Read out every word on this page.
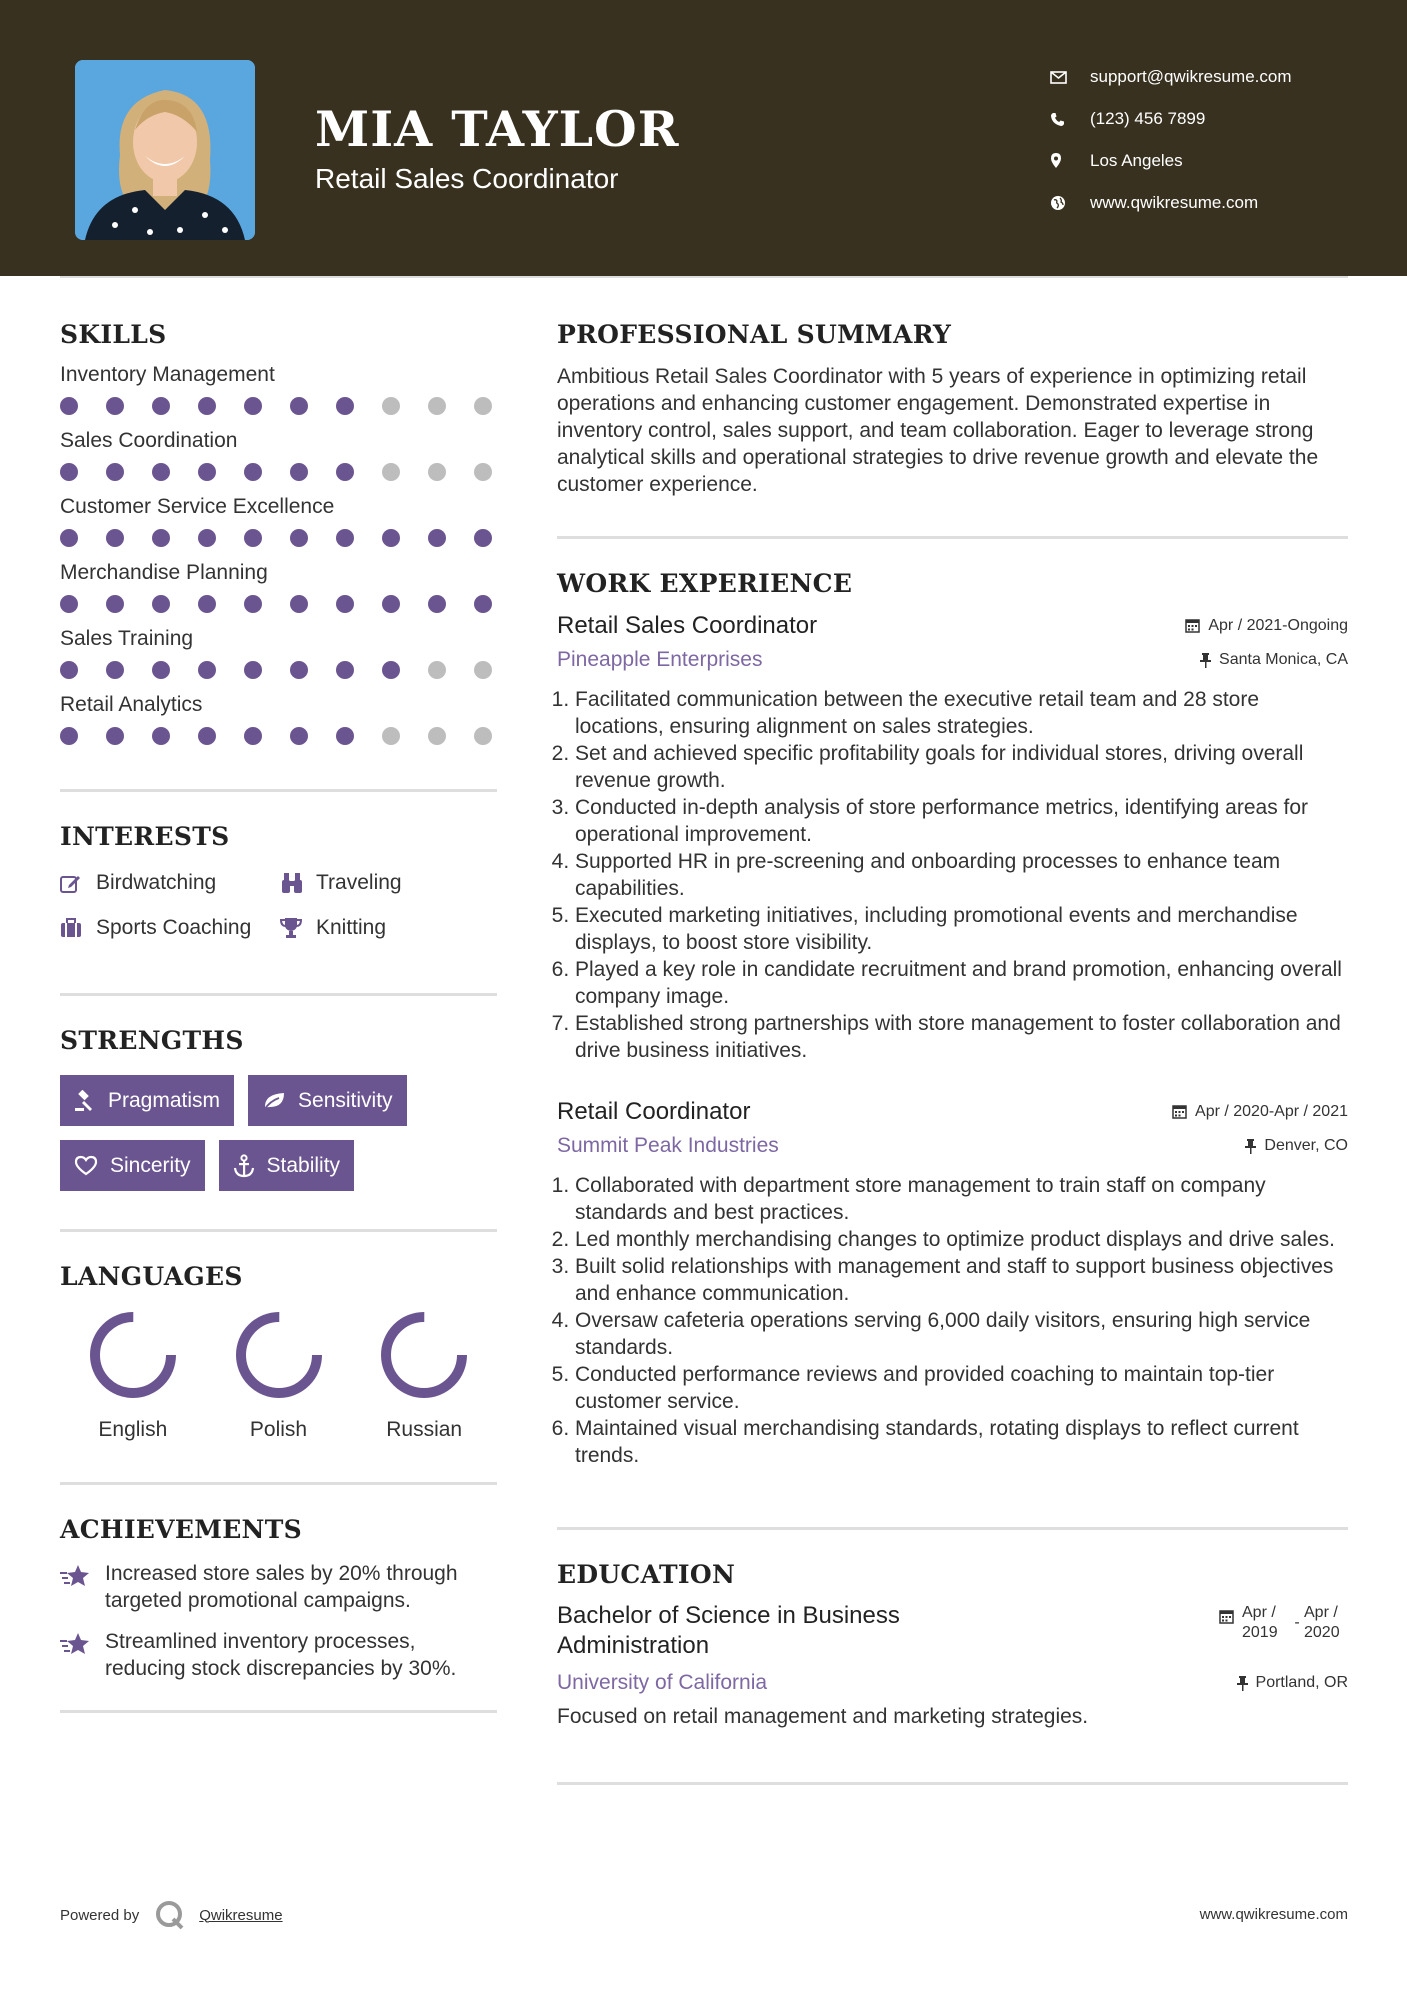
MIA TAYLOR
Retail Sales Coordinator
support@qwikresume.com
(123) 456 7899
Los Angeles
www.qwikresume.com
SKILLS
Inventory Management
Sales Coordination
Customer Service Excellence
Merchandise Planning
Sales Training
Retail Analytics
INTERESTS
Birdwatching	Traveling
Sports Coaching	Knitting
STRENGTHS
Pragmatism	Sensitivity
Sincerity	Stability
LANGUAGES
English	Polish	Russian
ACHIEVEMENTS
Increased store sales by 20% through targeted promotional campaigns.
Streamlined inventory processes, reducing stock discrepancies by 30%.
PROFESSIONAL SUMMARY
Ambitious Retail Sales Coordinator with 5 years of experience in optimizing retail operations and enhancing customer engagement. Demonstrated expertise in inventory control, sales support, and team collaboration. Eager to leverage strong analytical skills and operational strategies to drive revenue growth and elevate the customer experience.
WORK EXPERIENCE
Retail Sales Coordinator	Apr / 2021-Ongoing
Pineapple Enterprises	Santa Monica, CA
1. Facilitated communication between the executive retail team and 28 store locations, ensuring alignment on sales strategies.
2. Set and achieved specific profitability goals for individual stores, driving overall revenue growth.
3. Conducted in-depth analysis of store performance metrics, identifying areas for operational improvement.
4. Supported HR in pre-screening and onboarding processes to enhance team capabilities.
5. Executed marketing initiatives, including promotional events and merchandise displays, to boost store visibility.
6. Played a key role in candidate recruitment and brand promotion, enhancing overall company image.
7. Established strong partnerships with store management to foster collaboration and drive business initiatives.
Retail Coordinator	Apr / 2020-Apr / 2021
Summit Peak Industries	Denver, CO
1. Collaborated with department store management to train staff on company standards and best practices.
2. Led monthly merchandising changes to optimize product displays and drive sales.
3. Built solid relationships with management and staff to support business objectives and enhance communication.
4. Oversaw cafeteria operations serving 6,000 daily visitors, ensuring high service standards.
5. Conducted performance reviews and provided coaching to maintain top-tier customer service.
6. Maintained visual merchandising standards, rotating displays to reflect current trends.
EDUCATION
Bachelor of Science in Business Administration
Apr / 2019
-
Apr / 2020
University of California	Portland, OR
Focused on retail management and marketing strategies.
Powered by	Qwikresume	www.qwikresume.com
